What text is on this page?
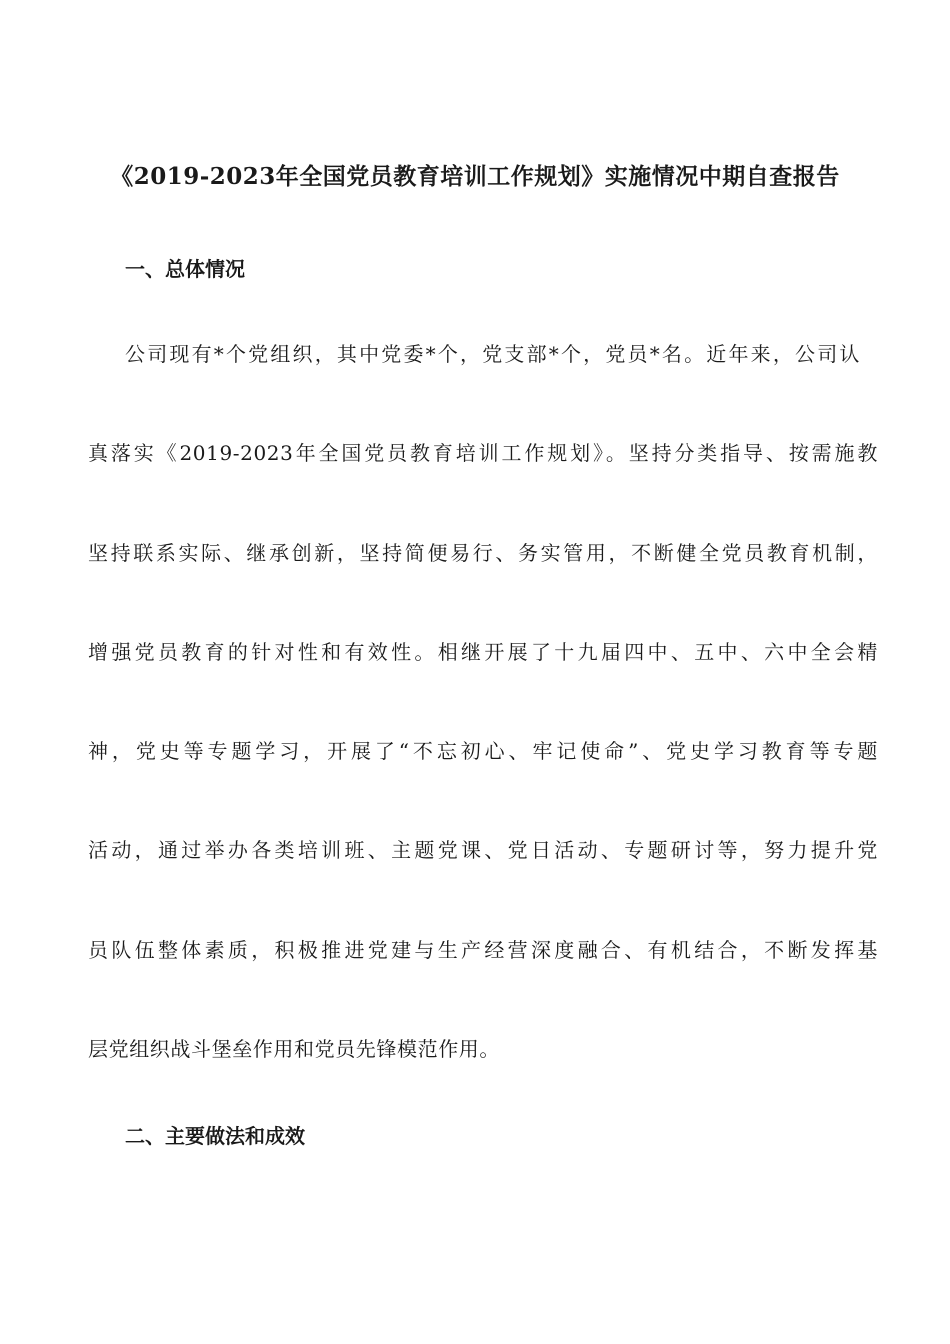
《2019-2023年全国党员教育培训工作规划》实施情况中期自查报告
一、总体情况

公司现有*个党组织，其中党委*个，党支部*个，党员*名。近年来，公司认

真落实《2019-2023年全国党员教育培训工作规划》。坚持分类指导、按需施教

坚持联系实际、继承创新，坚持简便易行、务实管用，不断健全党员教育机制，

增强党员教育的针对性和有效性。相继开展了十九届四中、五中、六中全会精

神，党史等专题学习，开展了“不忘初心、牢记使命”、党史学习教育等专题

活动，通过举办各类培训班、主题党课、党日活动、专题研讨等，努力提升党

员队伍整体素质，积极推进党建与生产经营深度融合、有机结合，不断发挥基

层党组织战斗堡垒作用和党员先锋模范作用。

二、主要做法和成效
